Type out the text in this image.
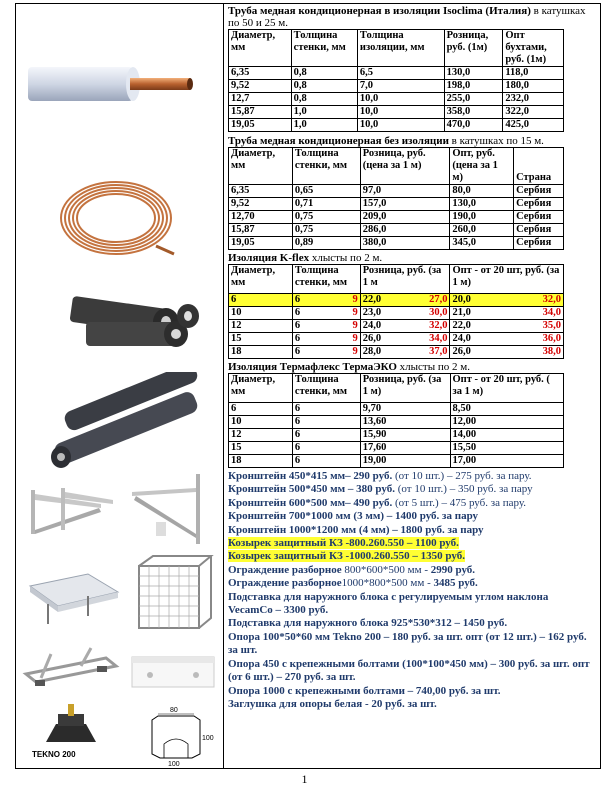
TEKNO 200
80
100
100
Труба медная кондиционерная в изоляции Isoclima (Италия) в катушках по 50 и 25 м.
Диаметр, мм	Толщина стенки, мм	Толщина изоляции, мм	Розница, руб. (1м)	Опт бухтами, руб. (1м)
6,35	0,8	6,5	130,0	118,0
9,52	0,8	7,0	198,0	180,0
12,7	0,8	10,0	255,0	232,0
15,87	1,0	10,0	358,0	322,0
19,05	1,0	10,0	470,0	425,0
Труба медная кондиционерная без изоляции в катушках по 15 м.
Диаметр, мм	Толщина стенки, мм	Розница, руб. (цена за 1 м)	Опт, руб. (цена за 1 м)	Страна
6,35	0,65	97,0	80,0	Сербия
9,52	0,71	157,0	130,0	Сербия
12,70	0,75	209,0	190,0	Сербия
15,87	0,75	286,0	260,0	Сербия
19,05	0,89	380,0	345,0	Сербия
Изоляция K-flex хлысты по 2 м.
Диаметр, мм	Толщина стенки, мм		Розница, руб. (за 1 м	Опт - от 20 шт, руб. (за 1 м)
6	6	9	22,0 27,0	20,0 32,0

10	6	9	23,0 30,0	21,0 34,0

12	6	9	24,0 32,0	22,0 35,0

15	6	9	26,0 34,0	24,0 36,0

18	6	9	28,0 37,0	26,0 38,0
Изоляция Термафлекс ТермаЭКО хлысты по 2 м.
Диаметр, мм	Толщина стенки, мм	Розница, руб. (за 1 м)	Опт - от 20 шт, руб. ( за 1 м)
6	6	9,70	8,50
10	6	13,60	12,00
12	6	15,90	14,00
15	6	17,60	15,50
18	6	19,00	17,00
Кронштейн 450*415 мм– 290 руб. (от 10 шт.) – 275 руб. за пару.
Кронштейн 500*450 мм – 380 руб. (от 10 шт.) – 350 руб. за пару
Кронштейн 600*500 мм– 490 руб. (от 5 шт.) – 475 руб. за пару.
Кронштейн 700*1000 мм (3 мм) – 1400 руб. за пару
Кронштейн 1000*1200 мм (4 мм) – 1800 руб. за пару
Козырек защитный КЗ -800.260.550 – 1100 руб.
Козырек защитный КЗ -1000.260.550 – 1350 руб.
Ограждение разборное 800*600*500 мм - 2990 руб.
Ограждение разборное1000*800*500 мм - 3485 руб.
Подставка для наружного блока с регулируемым углом наклона VecamCo – 3300 руб.
Подставка для наружного блока 925*530*312 – 1450 руб.
Опора 100*50*60 мм Tekno 200 – 180 руб. за шт. опт (от 12 шт.) – 162 руб. за шт.
Опора 450 с крепежными болтами (100*100*450 мм) – 300 руб. за шт. опт (от 6 шт.) – 270 руб. за шт.
Опора 1000 с крепежными болтами – 740,00 руб. за шт.
Заглушка для опоры белая - 20 руб. за шт.
1
